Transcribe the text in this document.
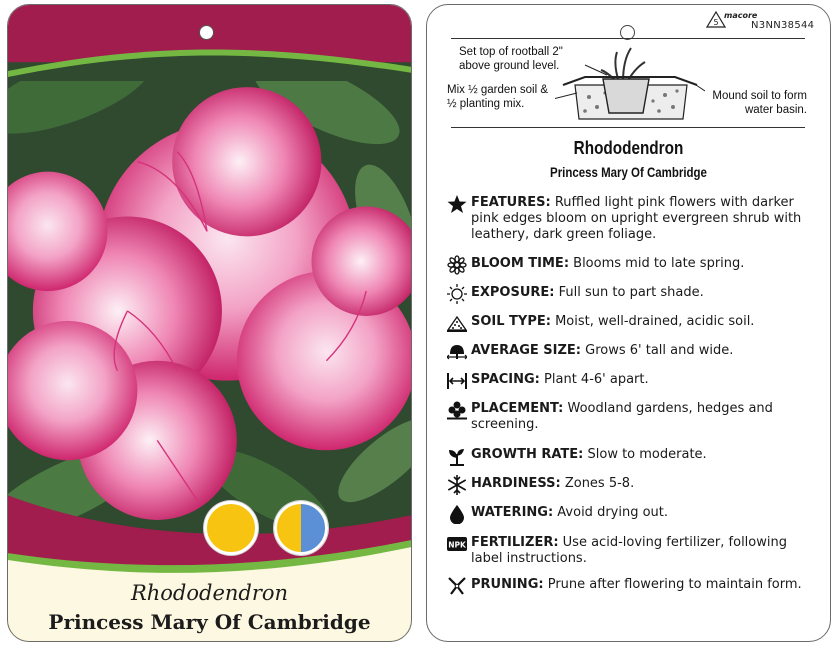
Rhododendron
Princess Mary Of Cambridge
5
macore
N3NN38544
Set top of rootball 2" above ground level.
Mix ½ garden soil & ½ planting mix.
Mound soil to form water basin.
Rhododendron
Princess Mary Of Cambridge
FEATURES: Ruffled light pink flowers with darker pink edges bloom on upright evergreen shrub with leathery, dark green foliage.
BLOOM TIME: Blooms mid to late spring.
EXPOSURE: Full sun to part shade.
SOIL TYPE: Moist, well-drained, acidic soil.
AVERAGE SIZE: Grows 6' tall and wide.
SPACING: Plant 4-6' apart.
PLACEMENT: Woodland gardens, hedges and screening.
GROWTH RATE: Slow to moderate.
HARDINESS: Zones 5-8.
WATERING: Avoid drying out.
NPK FERTILIZER: Use acid-loving fertilizer, following label instructions.
PRUNING: Prune after flowering to maintain form.
